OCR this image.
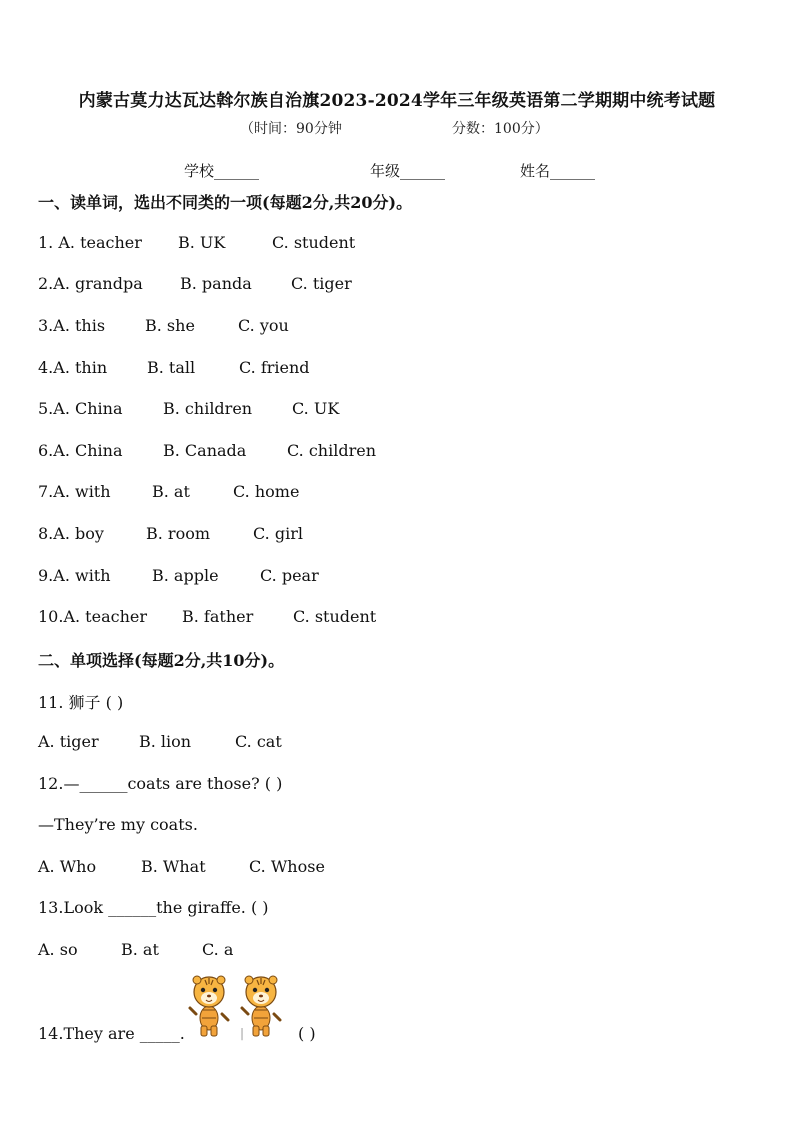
内蒙古莫力达瓦达斡尔族自治旗2023-2024学年三年级英语第二学期期中统考试题
（时间：90分钟	分数：100分）
学校______	年级______	姓名______
一、读单词，选出不同类的一项(每题2分,共20分)。
1. A. teacher B. UK	C. student
2.A. grandpa B. panda C. tiger
3.A. this B. she	C. you
4.A. thin B. tall	C. friend
5.A. China	B. children C. UK
6.A. China	B. Canada	C. children
7.A. with	B. at	C. home
8.A. boy	B. room	C. girl
9.A. with	B. apple	C. pear
10.A. teacher B. father C. student
二、单项选择(每题2分,共10分)。
11. 狮子 ( )
A. tiger	B. lion	C. cat
12.—______coats are those? ( )
—They’re my coats.
A. Who	B. What	C. Whose
13.Look ______the giraffe. ( )
A. so	B. at	C. a
14.They are _____.	|	( )
